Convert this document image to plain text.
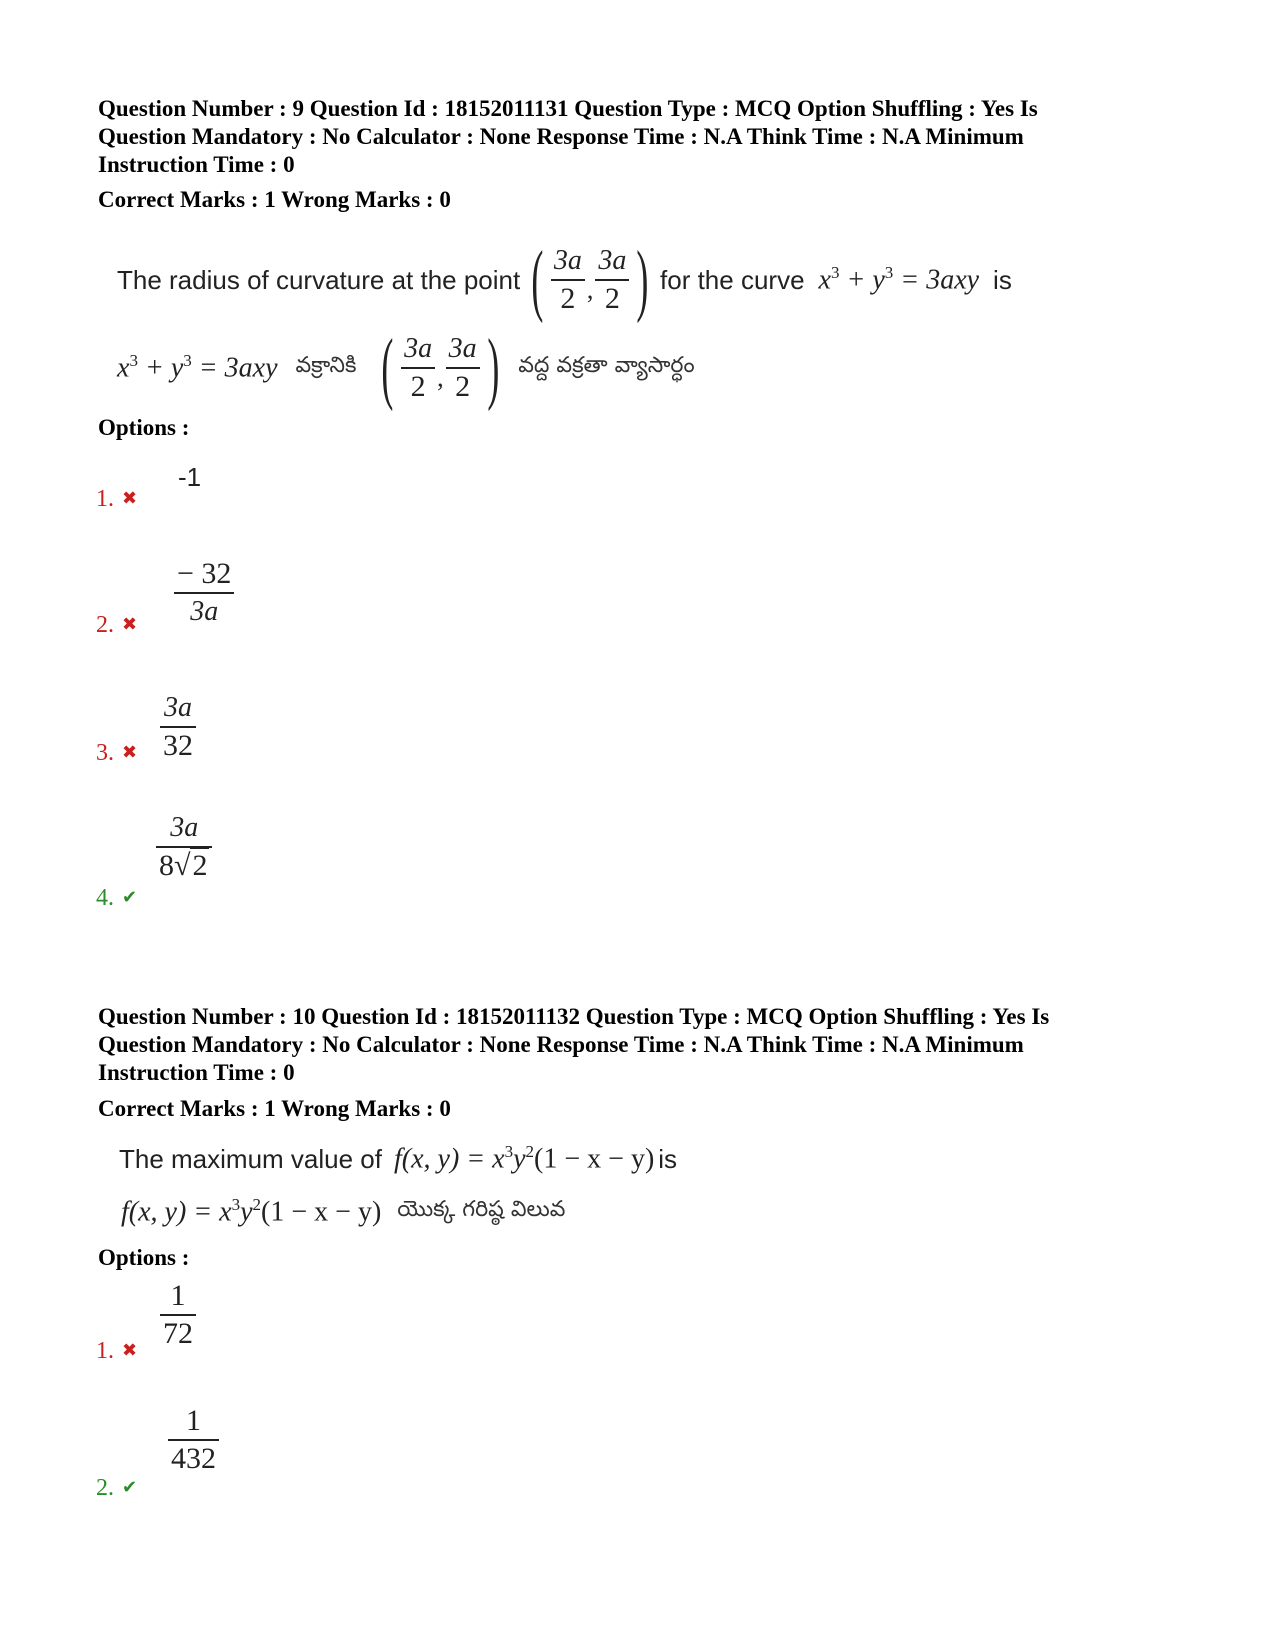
Question Number : 9 Question Id : 18152011131 Question Type : MCQ Option Shuffling : Yes Is
Question Mandatory : No Calculator : None Response Time : N.A Think Time : N.A Minimum
Instruction Time : 0
Correct Marks : 1 Wrong Marks : 0
The radius of curvature at the point ( $\frac{3a}{2}$ , $\frac{3a}{2}$ ) for the curve $x^3 + y^3 = 3axy$ is
$x^3 + y^3 = 3axy$ వక్రానికి ( $\frac{3a}{2}$ , $\frac{3a}{2}$ ) వద్ద వక్రతా వ్యాసార్ధం
Options :
-1
1. ✖
$\frac{- 32}{3a}$
2. ✖
$\frac{3a}{32}$
3. ✖
$\frac{3a}{8√2}$
4. ✔
Question Number : 10 Question Id : 18152011132 Question Type : MCQ Option Shuffling : Yes Is
Question Mandatory : No Calculator : None Response Time : N.A Think Time : N.A Minimum
Instruction Time : 0
Correct Marks : 1 Wrong Marks : 0
The maximum value of f(x, $y) = x^3y^2(1 - x - y)$ is
f(x, $y) = x^3y^2(1 - x - y)$ యొక్క గరిష్ఠ విలువ
Options :
$\frac{1}{72}$
1. ✖
$\frac{1}{432}$
2. ✔
